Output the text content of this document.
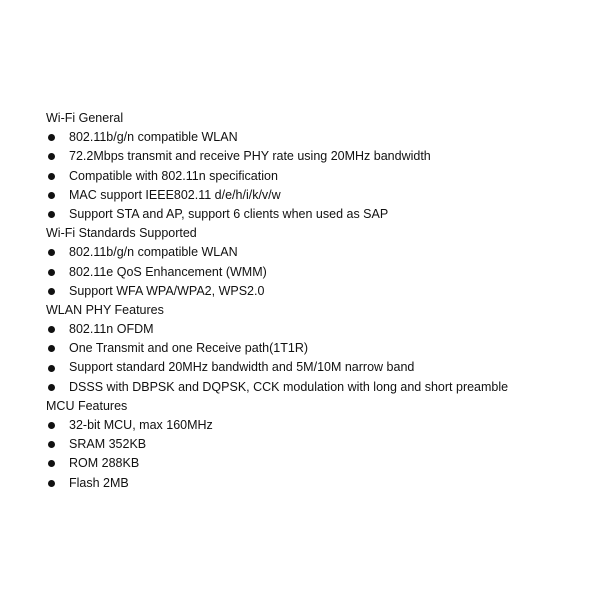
Wi-Fi General
802.11b/g/n compatible WLAN
72.2Mbps transmit and receive PHY rate using 20MHz bandwidth
Compatible with 802.11n specification
MAC support IEEE802.11 d/e/h/i/k/v/w
Support STA and AP, support 6 clients when used as SAP
Wi-Fi Standards Supported
802.11b/g/n compatible WLAN
802.11e QoS Enhancement (WMM)
Support WFA WPA/WPA2, WPS2.0
WLAN PHY Features
802.11n OFDM
One Transmit and one Receive path(1T1R)
Support standard 20MHz bandwidth and 5M/10M narrow band
DSSS with DBPSK and DQPSK, CCK modulation with long and short preamble
MCU Features
32-bit MCU, max 160MHz
SRAM 352KB
ROM 288KB
Flash 2MB
